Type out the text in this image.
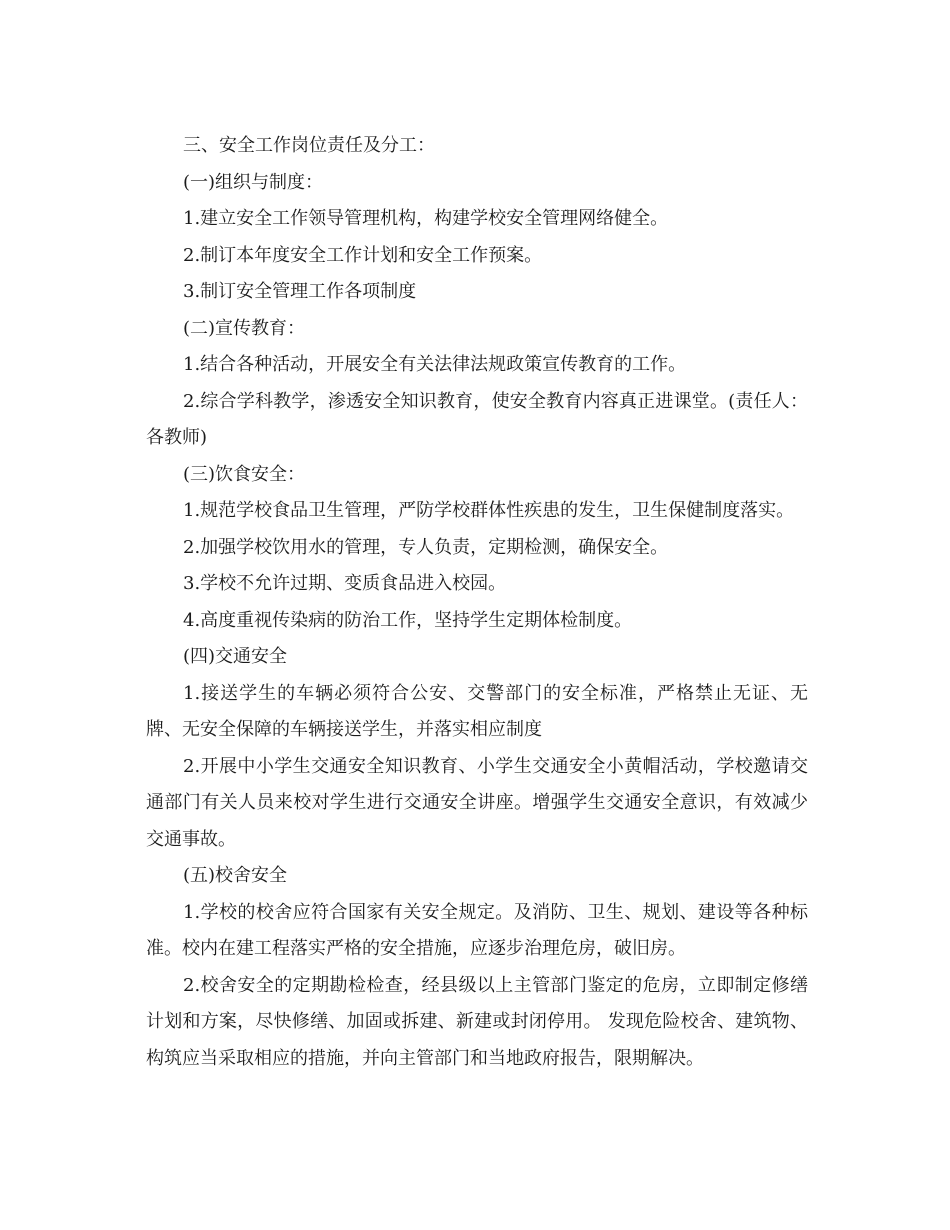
三、安全工作岗位责任及分工：

(一)组织与制度：

1.建立安全工作领导管理机构，构建学校安全管理网络健全。

2.制订本年度安全工作计划和安全工作预案。

3.制订安全管理工作各项制度

(二)宣传教育：

1.结合各种活动，开展安全有关法律法规政策宣传教育的工作。

2.综合学科教学，渗透安全知识教育，使安全教育内容真正进课堂。(责任人：各教师)

(三)饮食安全：

1.规范学校食品卫生管理，严防学校群体性疾患的发生，卫生保健制度落实。

2.加强学校饮用水的管理，专人负责，定期检测，确保安全。

3.学校不允许过期、变质食品进入校园。

4.高度重视传染病的防治工作，坚持学生定期体检制度。

(四)交通安全

1.接送学生的车辆必须符合公安、交警部门的安全标准，严格禁止无证、无牌、无安全保障的车辆接送学生，并落实相应制度

2.开展中小学生交通安全知识教育、小学生交通安全小黄帽活动，学校邀请交通部门有关人员来校对学生进行交通安全讲座。增强学生交通安全意识，有效减少交通事故。

(五)校舍安全

1.学校的校舍应符合国家有关安全规定。及消防、卫生、规划、建设等各种标准。校内在建工程落实严格的安全措施，应逐步治理危房，破旧房。

2.校舍安全的定期勘检检查，经县级以上主管部门鉴定的危房，立即制定修缮计划和方案，尽快修缮、加固或拆建、新建或封闭停用。 发现危险校舍、建筑物、构筑应当采取相应的措施，并向主管部门和当地政府报告，限期解决。
